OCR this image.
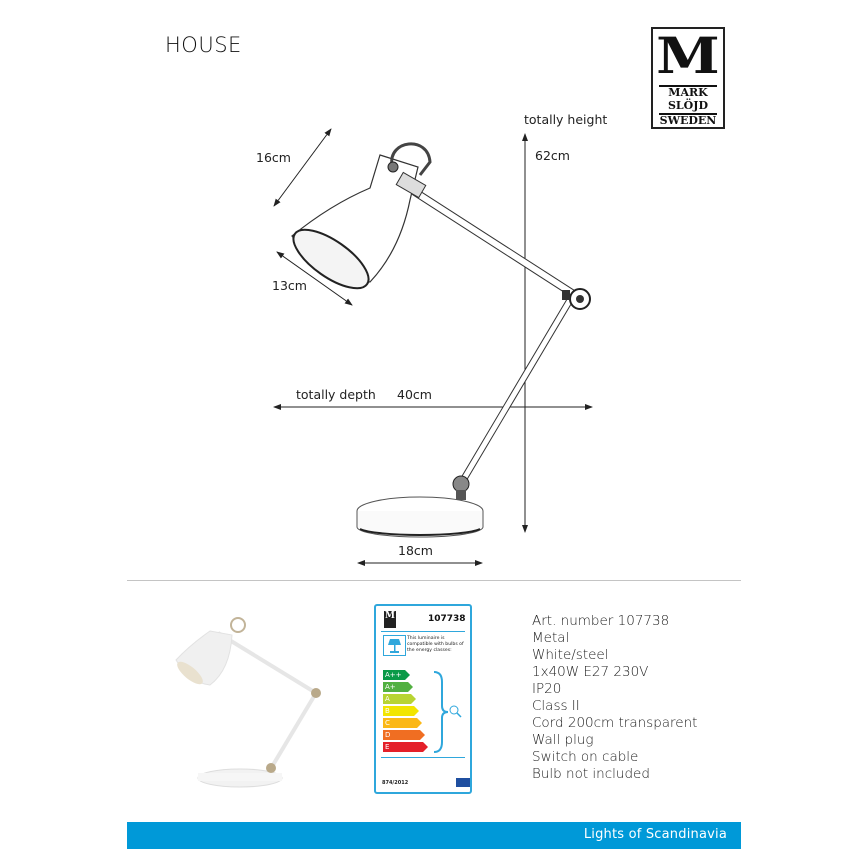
HOUSE	M
MARK
SLÖJD
SWEDEN
16cm
13cm
totally height
62cm
totally depth 40cm
18cm
M	107738
This luminaire is compatible with bulbs of the energy classes:
A++
A+
A
B
C
D
E
874/2012
Art. number 107738
Metal
White/steel
1x40W E27 230V
IP20
Class II
Cord 200cm transparent
Wall plug
Switch on cable
Bulb not included
Lights of Scandinavia
